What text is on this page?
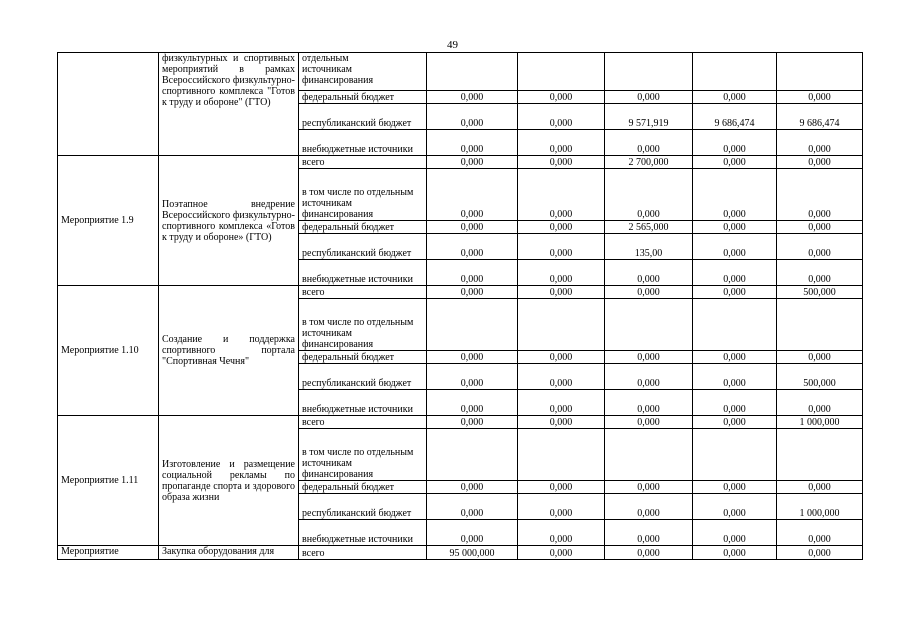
49
	физкультурных и спортивных мероприятий в рамках Всероссийского физкультурно-спортивного комплекса "Готов к труду и обороне" (ГТО)	отдельным
источникам
финансирования					
		федеральный бюджет	0,000	0,000	0,000	0,000	0,000
		республиканский бюджет	0,000	0,000	9 571,919	9 686,474	9 686,474
		внебюджетные источники	0,000	0,000	0,000	0,000	0,000
Мероприятие 1.9	Поэтапное внедрение Всероссийского физкультурно-спортивного комплекса «Готов к труду и обороне» (ГТО)	всего	0,000	0,000	2 700,000	0,000	0,000
		в том числе по отдельным источникам финансирования	0,000	0,000	0,000	0,000	0,000
		федеральный бюджет	0,000	0,000	2 565,000	0,000	0,000
		республиканский бюджет	0,000	0,000	135,00	0,000	0,000
		внебюджетные источники	0,000	0,000	0,000	0,000	0,000
Мероприятие 1.10	Создание и поддержка спортивного портала "Спортивная Чечня"	всего	0,000	0,000	0,000	0,000	500,000
		в том числе по отдельным источникам финансирования					
		федеральный бюджет	0,000	0,000	0,000	0,000	0,000
		республиканский бюджет	0,000	0,000	0,000	0,000	500,000
		внебюджетные источники	0,000	0,000	0,000	0,000	0,000
Мероприятие 1.11	Изготовление и размещение социальной рекламы по пропаганде спорта и здорового образа жизни	всего	0,000	0,000	0,000	0,000	1 000,000
		в том числе по отдельным источникам финансирования					
		федеральный бюджет	0,000	0,000	0,000	0,000	0,000
		республиканский бюджет	0,000	0,000	0,000	0,000	1 000,000
		внебюджетные источники	0,000	0,000	0,000	0,000	0,000
Мероприятие	Закупка оборудования для	всего	95 000,000	0,000	0,000	0,000	0,000
